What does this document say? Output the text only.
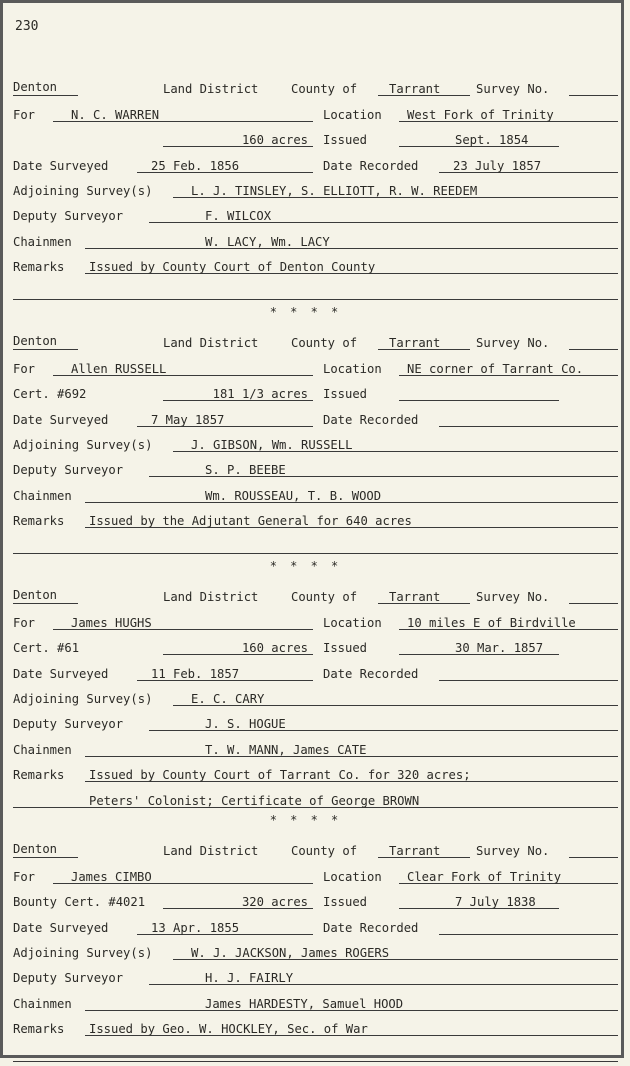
230
Denton	Land District	County of	Tarrant	Survey No.
For	N. C. WARREN	Location West Fork of Trinity
160 acres Issued	Sept. 1854
Date Surveyed	25 Feb. 1856	Date Recorded	23 July 1857
Adjoining Survey(s)	L. J. TINSLEY, S. ELLIOTT, R. W. REEDEM
Deputy Surveyor	F. WILCOX
Chainmen	W. LACY, Wm. LACY
Remarks Issued by County Court of Denton County
* * * *
Denton	Land District	County of	Tarrant	Survey No.
For	Allen RUSSELL	Location NE corner of Tarrant Co.
Cert. #692	181 1/3 acres Issued
Date Surveyed	7 May 1857	Date Recorded
Adjoining Survey(s)	J. GIBSON, Wm. RUSSELL
Deputy Surveyor	S. P. BEEBE
Chainmen	Wm. ROUSSEAU, T. B. WOOD
Remarks Issued by the Adjutant General for 640 acres
* * * *
Denton	Land District	County of	Tarrant	Survey No.
For	James HUGHS	Location 10 miles E of Birdville
Cert. #61	160 acres Issued	30 Mar. 1857
Date Surveyed	11 Feb. 1857	Date Recorded
Adjoining Survey(s)	E. C. CARY
Deputy Surveyor	J. S. HOGUE
Chainmen	T. W. MANN, James CATE
Remarks Issued by County Court of Tarrant Co. for 320 acres;
Peters' Colonist; Certificate of George BROWN
* * * *
Denton	Land District	County of	Tarrant	Survey No.
For	James CIMBO	Location Clear Fork of Trinity
Bounty Cert. #4021	320 acres Issued	7 July 1838
Date Surveyed	13 Apr. 1855	Date Recorded
Adjoining Survey(s)	W. J. JACKSON, James ROGERS
Deputy Surveyor	H. J. FAIRLY
Chainmen	James HARDESTY, Samuel HOOD
Remarks Issued by Geo. W. HOCKLEY, Sec. of War
